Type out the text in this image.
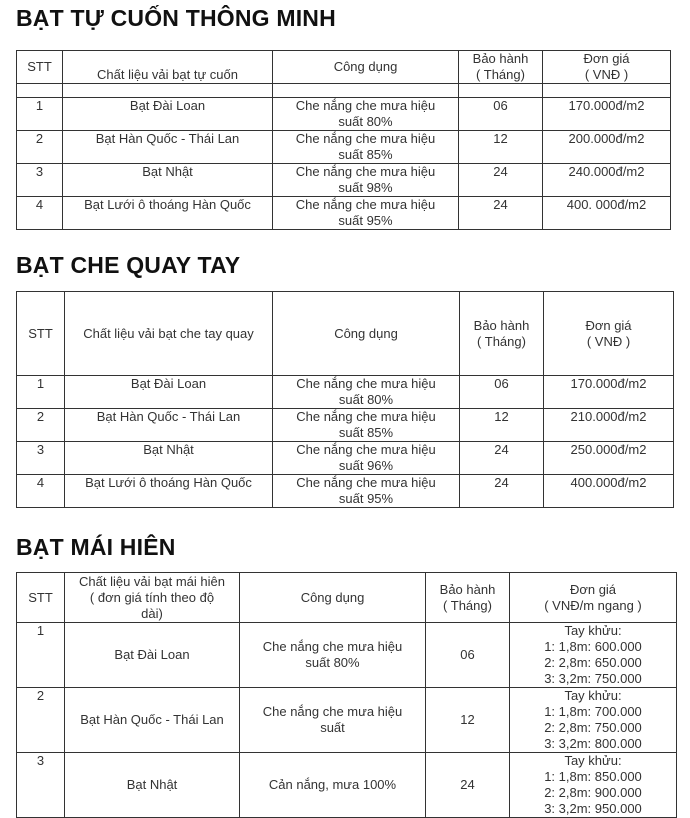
BẠT TỰ CUỐN THÔNG MINH
STT	Chất liệu vải bạt tự cuốn	Công dụng	Bảo hành
( Tháng)	Đơn giá
( VNĐ )

1	Bạt Đài Loan	Che nắng che mưa hiệu
suất 80%	06	170.000đ/m2
2	Bạt Hàn Quốc - Thái Lan	Che nắng che mưa hiệu
suất 85%	12	200.000đ/m2
3	Bạt Nhật	Che nắng che mưa hiệu
suất 98%	24	240.000đ/m2
4	Bạt Lưới ô thoáng Hàn Quốc	Che nắng che mưa hiệu
suất 95%	24	400. 000đ/m2
BẠT CHE QUAY TAY
STT	Chất liệu vải bạt che tay quay	Công dụng	Bảo hành
( Tháng)	Đơn giá
( VNĐ )

1	Bạt Đài Loan	Che nắng che mưa hiệu
suất 80%	06	170.000đ/m2
2	Bạt Hàn Quốc - Thái Lan	Che nắng che mưa hiệu
suất 85%	12	210.000đ/m2
3	Bạt Nhật	Che nắng che mưa hiệu
suất 96%	24	250.000đ/m2
4	Bạt Lưới ô thoáng Hàn Quốc	Che nắng che mưa hiệu
suất 95%	24	400.000đ/m2
BẠT MÁI HIÊN
STT	Chất liệu vải bạt mái hiên
( đơn giá tính theo độ
dài)	Công dụng	Bảo hành
( Tháng)	Đơn giá
( VNĐ/m ngang )

1	Bạt Đài Loan	Che nắng che mưa hiệu
suất 80%	06	Tay khửu:
1: 1,8m: 600.000
2: 2,8m: 650.000
3: 3,2m: 750.000

2	Bạt Hàn Quốc - Thái Lan	Che nắng che mưa hiệu
suất	12	Tay khửu:
1: 1,8m: 700.000
2: 2,8m: 750.000
3: 3,2m: 800.000

3	Bạt Nhật	Cản nắng, mưa 100%	24	Tay khửu:
1: 1,8m: 850.000
2: 2,8m: 900.000
3: 3,2m: 950.000
